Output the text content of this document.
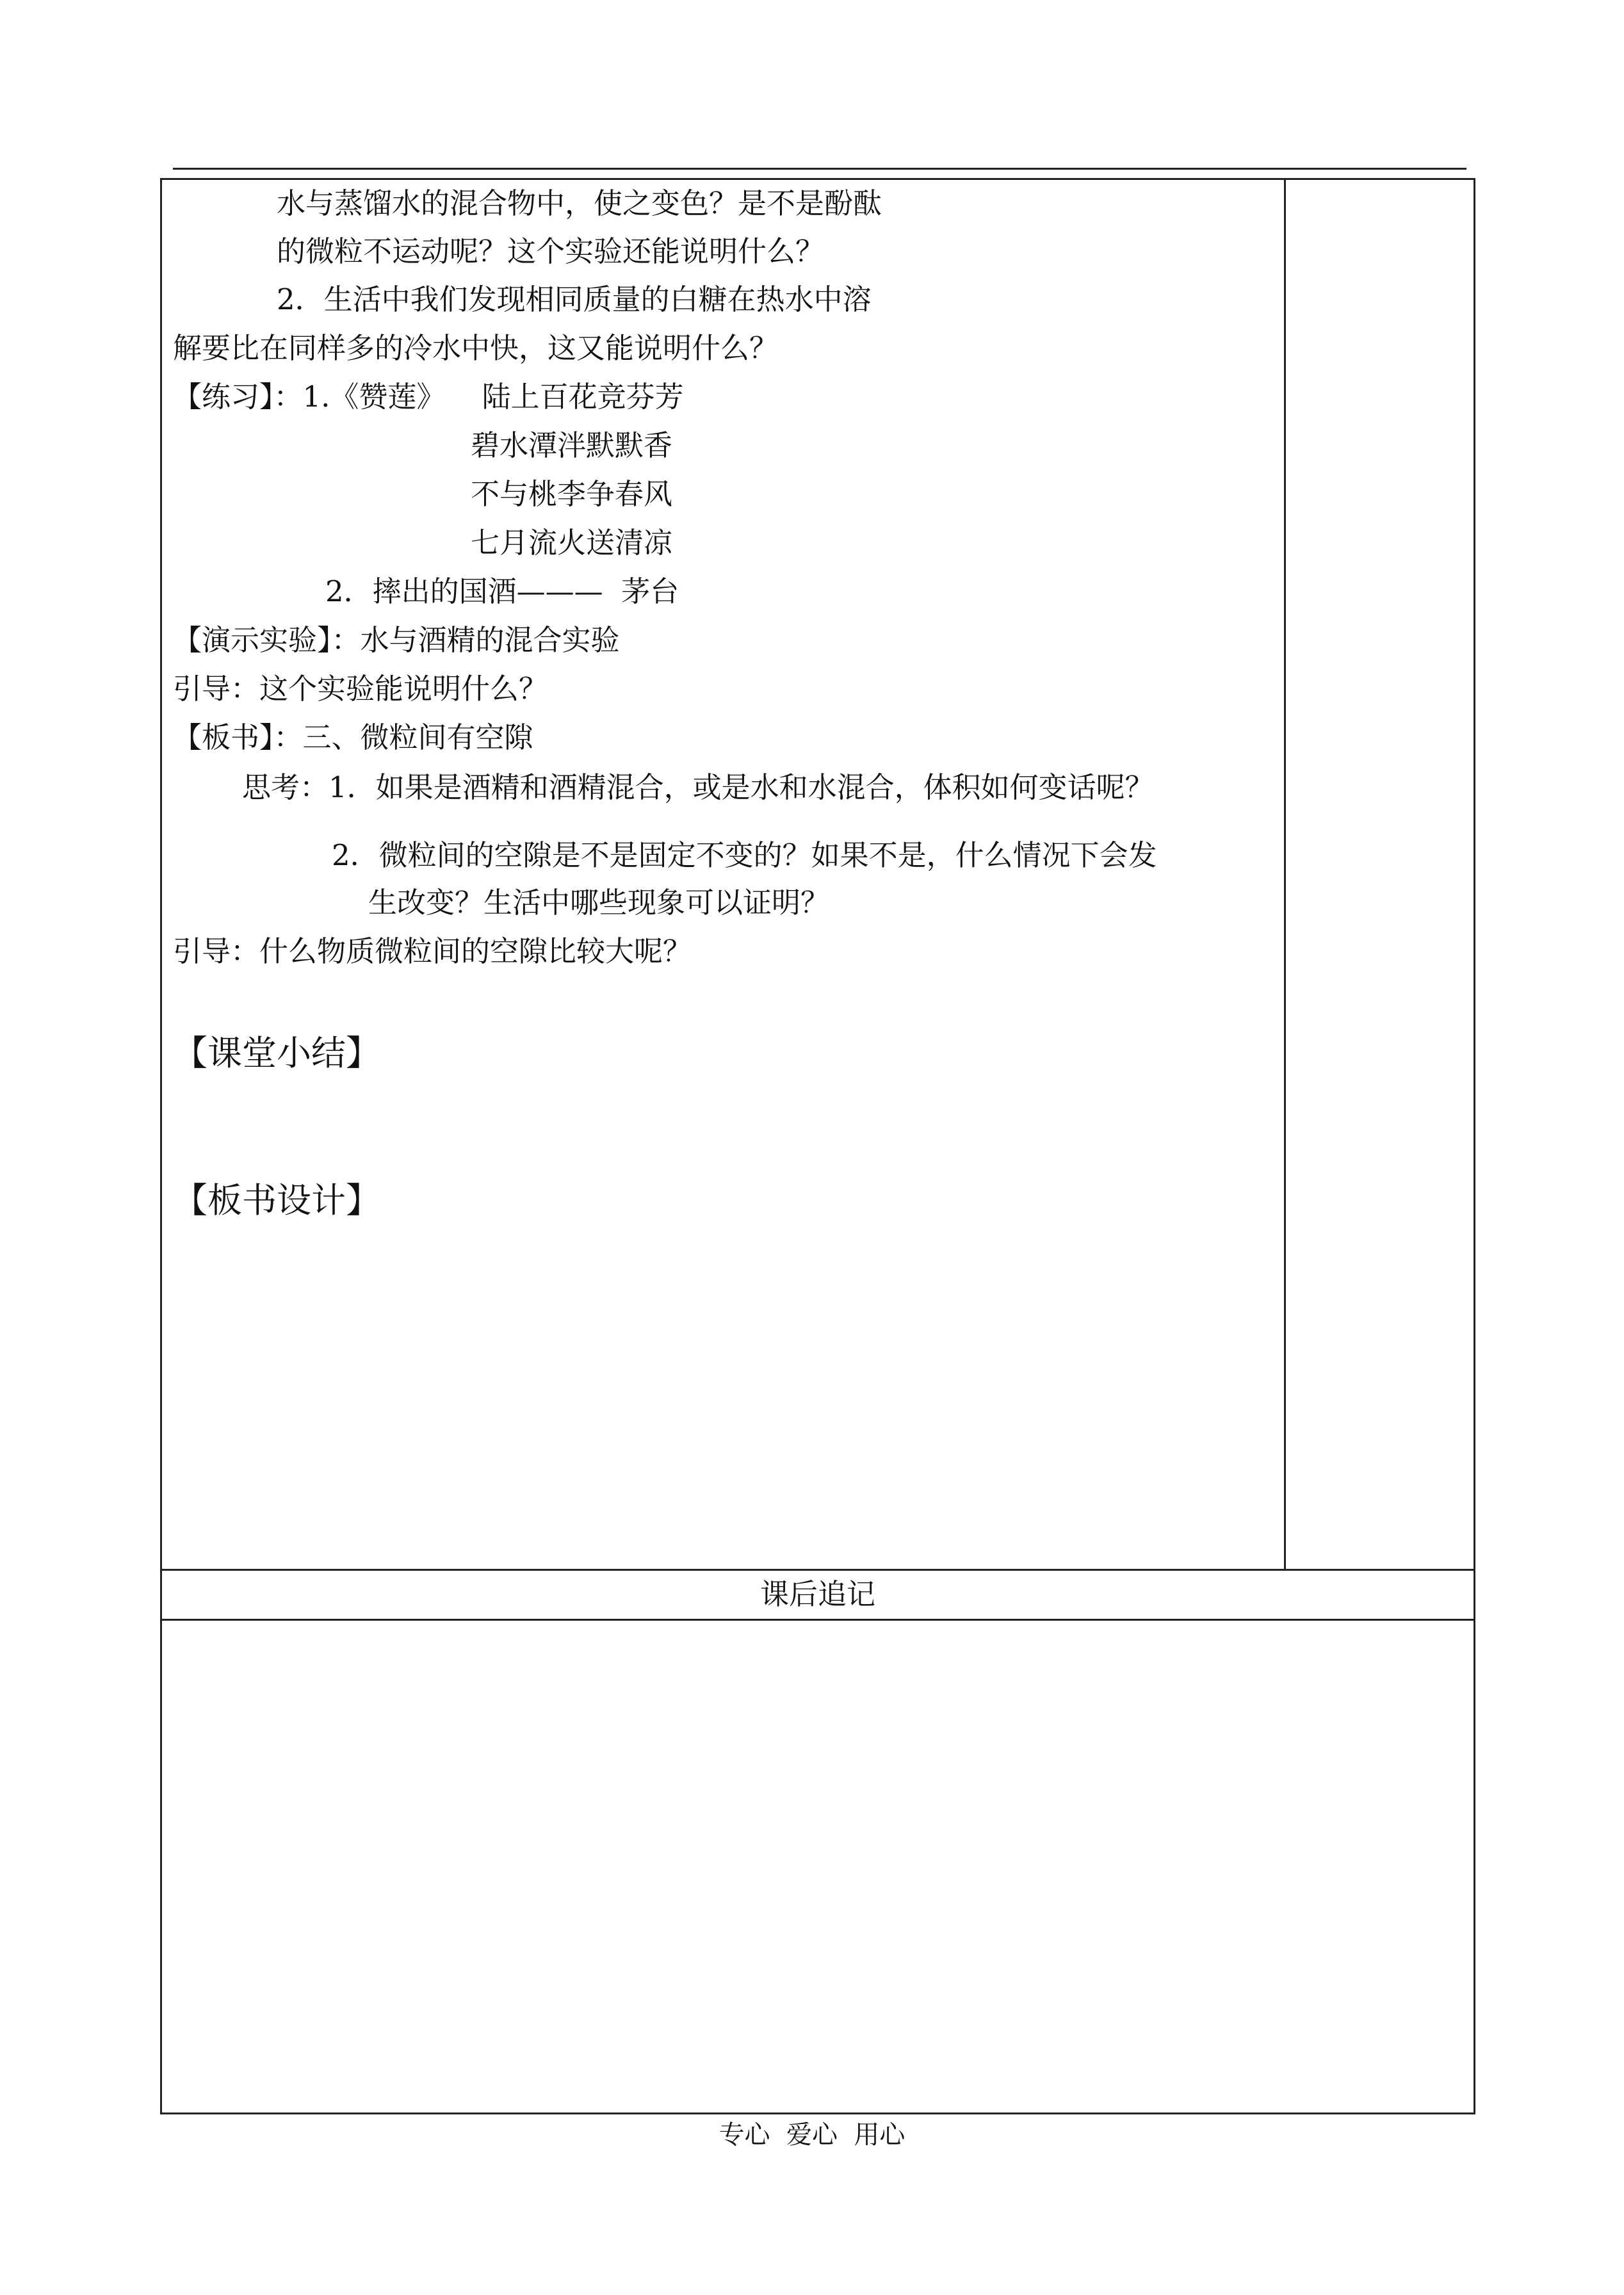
水与蒸馏水的混合物中，使之变色？是不是酚酞
的微粒不运动呢？这个实验还能说明什么？
2．生活中我们发现相同质量的白糖在热水中溶
解要比在同样多的冷水中快，这又能说明什么？
【练习】：1.《赞莲》    陆上百花竞芬芳
碧水潭泮默默香
不与桃李争春风
七月流火送清凉
2．摔出的国酒———  茅台
【演示实验】：水与酒精的混合实验
引导：这个实验能说明什么？
【板书】：三、微粒间有空隙
思考：1．如果是酒精和酒精混合，或是水和水混合，体积如何变话呢？
2．微粒间的空隙是不是固定不变的？如果不是，什么情况下会发
生改变？生活中哪些现象可以证明？
引导：什么物质微粒间的空隙比较大呢？
【课堂小结】
【板书设计】
课后追记
专心  爱心  用心
